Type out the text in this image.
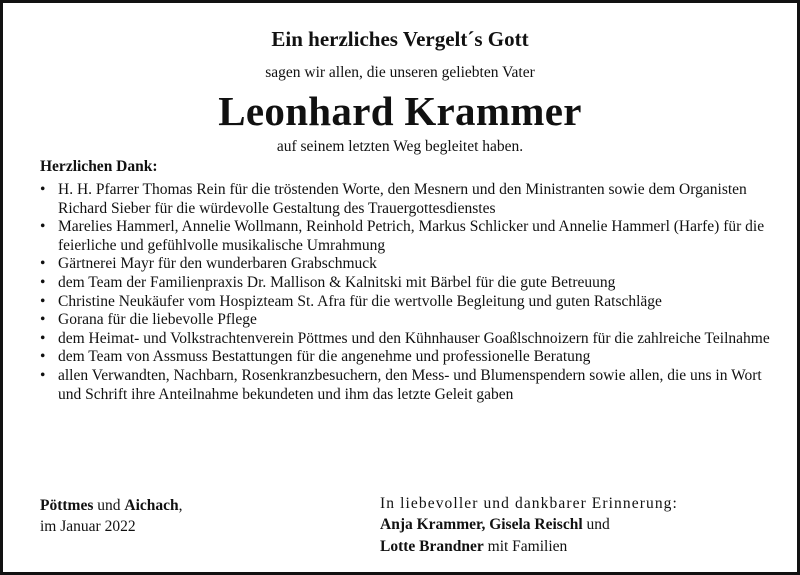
Ein herzliches Vergelt´s Gott
sagen wir allen, die unseren geliebten Vater
Leonhard Krammer
auf seinem letzten Weg begleitet haben.
Herzlichen Dank:
• H. H. Pfarrer Thomas Rein für die tröstenden Worte, den Mesnern und den Ministranten sowie dem Organisten Richard Sieber für die würdevolle Gestaltung des Trauergottesdienstes
• Marelies Hammerl, Annelie Wollmann, Reinhold Petrich, Markus Schlicker und Annelie Hammerl (Harfe) für die feierliche und gefühlvolle musikalische Umrahmung
• Gärtnerei Mayr für den wunderbaren Grabschmuck
• dem Team der Familienpraxis Dr. Mallison & Kalnitski mit Bärbel für die gute Betreuung
• Christine Neukäufer vom Hospizteam St. Afra für die wertvolle Begleitung und guten Ratschläge
• Gorana für die liebevolle Pflege
• dem Heimat- und Volkstrachtenverein Pöttmes und den Kühnhauser Goaßlschnoizern für die zahlreiche Teilnahme
• dem Team von Assmuss Bestattungen für die angenehme und professionelle Beratung
• allen Verwandten, Nachbarn, Rosenkranzbesuchern, den Mess- und Blumenspendern sowie allen, die uns in Wort und Schrift ihre Anteilnahme bekundeten und ihm das letzte Geleit gaben
Pöttmes und Aichach,
im Januar 2022
In liebevoller und dankbarer Erinnerung:
Anja Krammer, Gisela Reischl und
Lotte Brandner mit Familien
